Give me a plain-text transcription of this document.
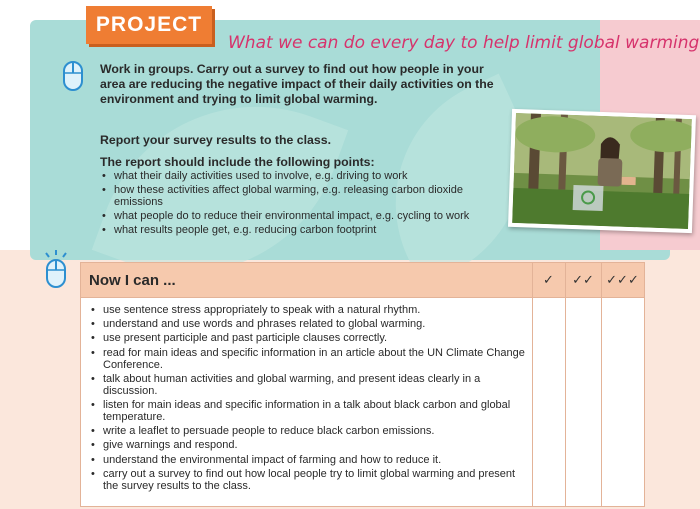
PROJECT
What we can do every day to help limit global warming
Work in groups. Carry out a survey to find out how people in your area are reducing the negative impact of their daily activities on the environment and trying to limit global warming.
Report your survey results to the class.
The report should include the following points:
• what their daily activities used to involve, e.g. driving to work
• how these activities affect global warming, e.g. releasing carbon dioxide emissions
• what people do to reduce their environmental impact, e.g. cycling to work
• what results people get, e.g. reducing carbon footprint
Now I can ...	✓	✓✓ ✓✓✓
• use sentence stress appropriately to speak with a natural rhythm.
• understand and use words and phrases related to global warming.
• use present participle and past participle clauses correctly.
• read for main ideas and specific information in an article about the UN Climate Change Conference.
• talk about human activities and global warming, and present ideas clearly in a discussion.
• listen for main ideas and specific information in a talk about black carbon and global temperature.
• write a leaflet to persuade people to reduce black carbon emissions.
• give warnings and respond.
• understand the environmental impact of farming and how to reduce it.
• carry out a survey to find out how local people try to limit global warming and present the survey results to the class.
